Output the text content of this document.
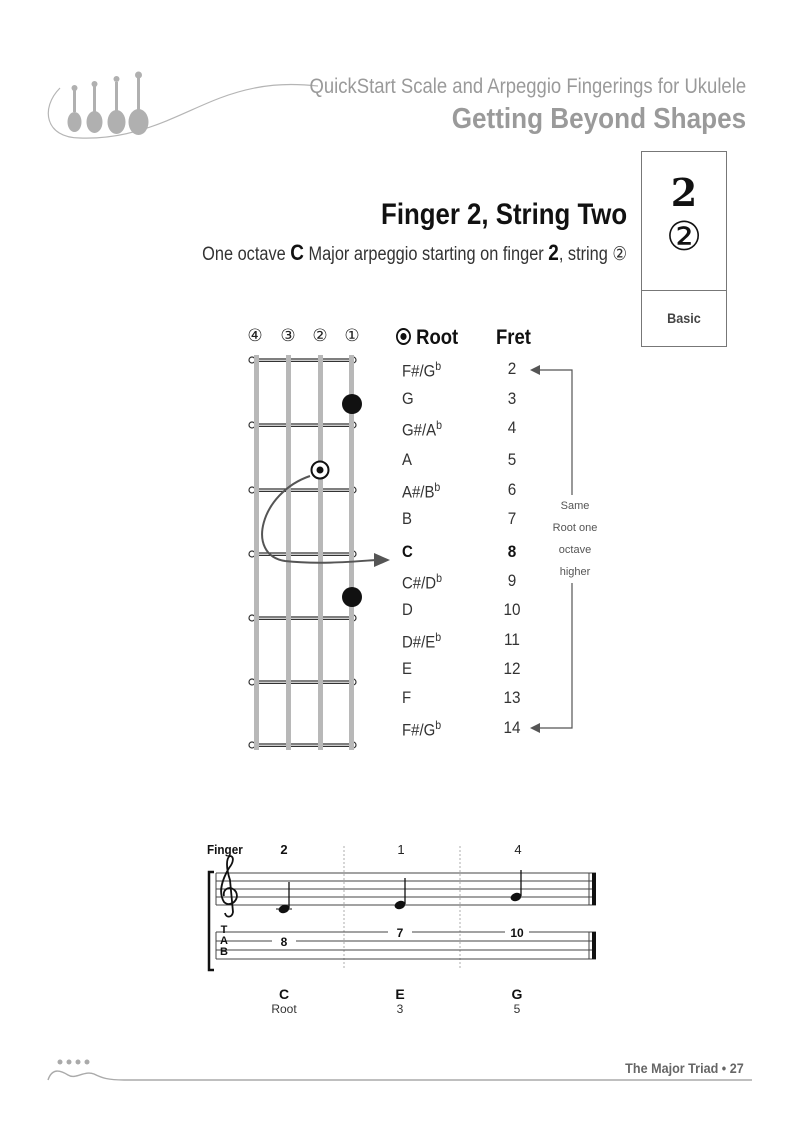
QuickStart Scale and Arpeggio Fingerings for Ukulele
Getting Beyond Shapes
2
②
Basic
Finger 2, String Two
One octave C Major arpeggio starting on finger 2, string ②
④ ③ ② ①	Root Fret
$F\#/G^b$	2
G	3
$G\#/A^b$	4
A	5
$A\#/B^b$	6
B	7
C	8
$C\#/D^b$	9
D	10
$D\#/E^b$	11
E	12
F	13
$F\#/G^b$	14
Same
Root one
octave
higher
Finger	2	1	4
T
A
B
8
7	10
C
Root
E
3
G
5
The Major Triad • 27
